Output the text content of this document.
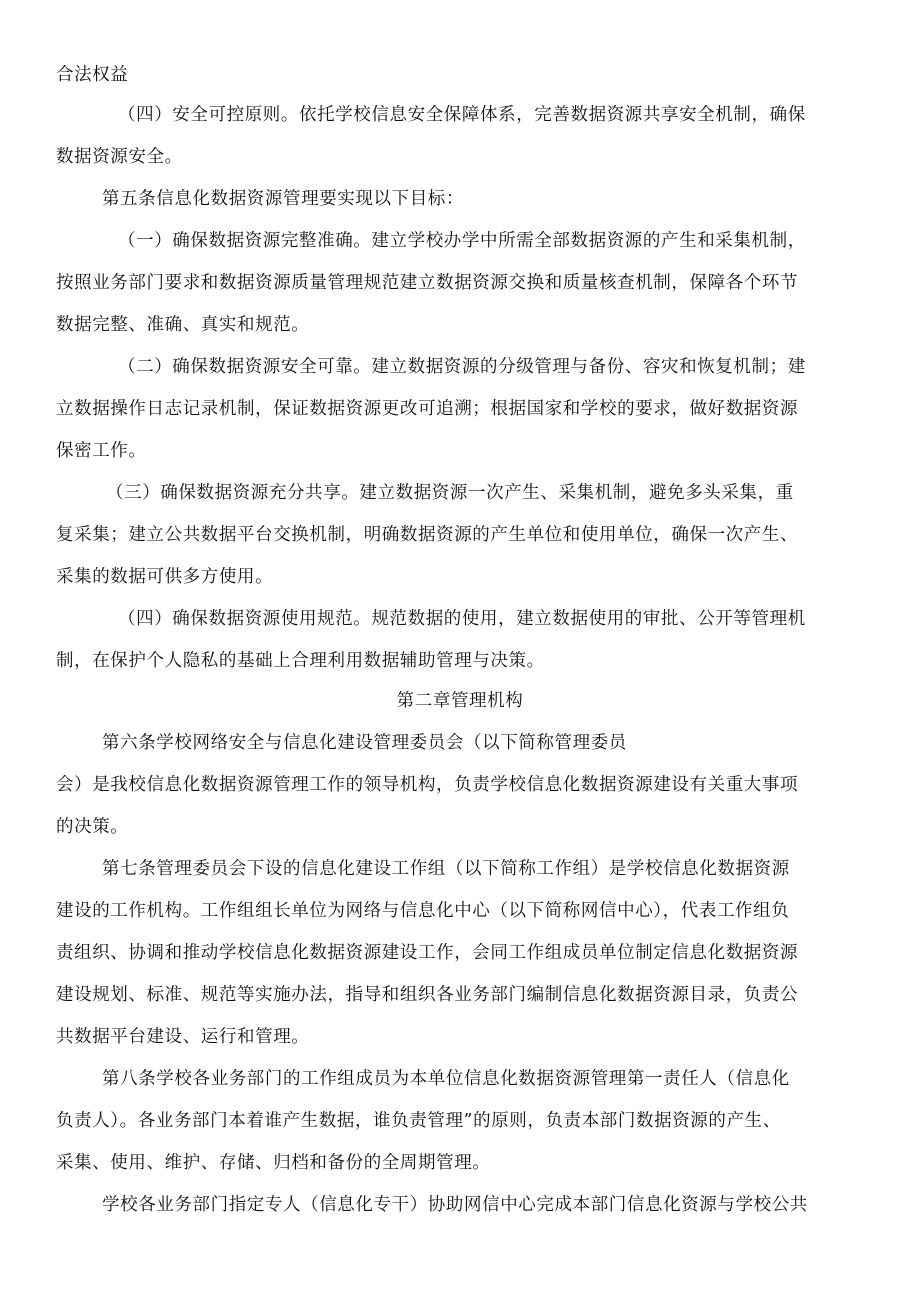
合法权益

（四）安全可控原则。依托学校信息安全保障体系，完善数据资源共享安全机制，确保

数据资源安全。

第五条信息化数据资源管理要实现以下目标：

（一）确保数据资源完整准确。建立学校办学中所需全部数据资源的产生和采集机制，

按照业务部门要求和数据资源质量管理规范建立数据资源交换和质量核查机制，保障各个环节

数据完整、准确、真实和规范。

（二）确保数据资源安全可靠。建立数据资源的分级管理与备份、容灾和恢复机制；建

立数据操作日志记录机制，保证数据资源更改可追溯；根据国家和学校的要求，做好数据资源

保密工作。

（三）确保数据资源充分共享。建立数据资源一次产生、采集机制，避免多头采集，重

复采集；建立公共数据平台交换机制，明确数据资源的产生单位和使用单位，确保一次产生、

采集的数据可供多方使用。

（四）确保数据资源使用规范。规范数据的使用，建立数据使用的审批、公开等管理机

制，在保护个人隐私的基础上合理利用数据辅助管理与决策。

第二章管理机构

第六条学校网络安全与信息化建设管理委员会（以下简称管理委员

会）是我校信息化数据资源管理工作的领导机构，负责学校信息化数据资源建设有关重大事项

的决策。

第七条管理委员会下设的信息化建设工作组（以下简称工作组）是学校信息化数据资源

建设的工作机构。工作组组长单位为网络与信息化中心（以下简称网信中心），代表工作组负

责组织、协调和推动学校信息化数据资源建设工作，会同工作组成员单位制定信息化数据资源

建设规划、标准、规范等实施办法，指导和组织各业务部门编制信息化数据资源目录，负责公

共数据平台建设、运行和管理。

第八条学校各业务部门的工作组成员为本单位信息化数据资源管理第一责任人（信息化

负责人）。各业务部门本着谁产生数据，谁负责管理”的原则，负责本部门数据资源的产生、

采集、使用、维护、存储、归档和备份的全周期管理。

学校各业务部门指定专人（信息化专干）协助网信中心完成本部门信息化资源与学校公共
